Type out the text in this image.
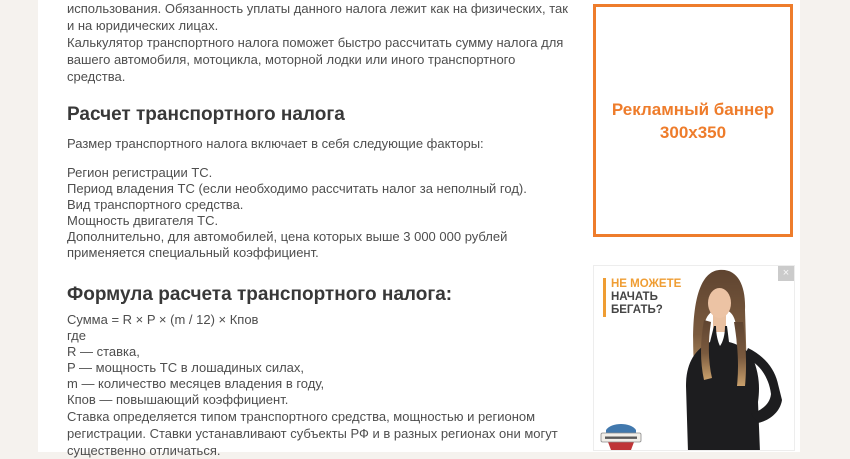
использования. Обязанность уплаты данного налога лежит как на физических, так и на юридических лицах.

Калькулятор транспортного налога поможет быстро рассчитать сумму налога для вашего автомобиля, мотоцикла, моторной лодки или иного транспортного средства.

Расчет транспортного налога

Размер транспортного налога включает в себя следующие факторы:

Регион регистрации ТС.
Период владения ТС (если необходимо рассчитать налог за неполный год).
Вид транспортного средства.
Мощность двигателя ТС.
Дополнительно, для автомобилей, цена которых выше 3 000 000 рублей применяется специальный коэффициент.
Формула расчета транспортного налога:
Сумма = R × P × (m / 12) × Кпов
где
R — ставка,
P — мощность ТС в лошадиных силах,
m — количество месяцев владения в году,
Кпов — повышающий коэффициент.

Ставка определяется типом транспортного средства, мощностью и регионом регистрации. Ставки устанавливают субъекты РФ и в разных регионах они могут существенно отличаться.

Рекламный баннер
300x350
×
НЕ МОЖЕТЕ
НАЧАТЬ
БЕГАТЬ?
